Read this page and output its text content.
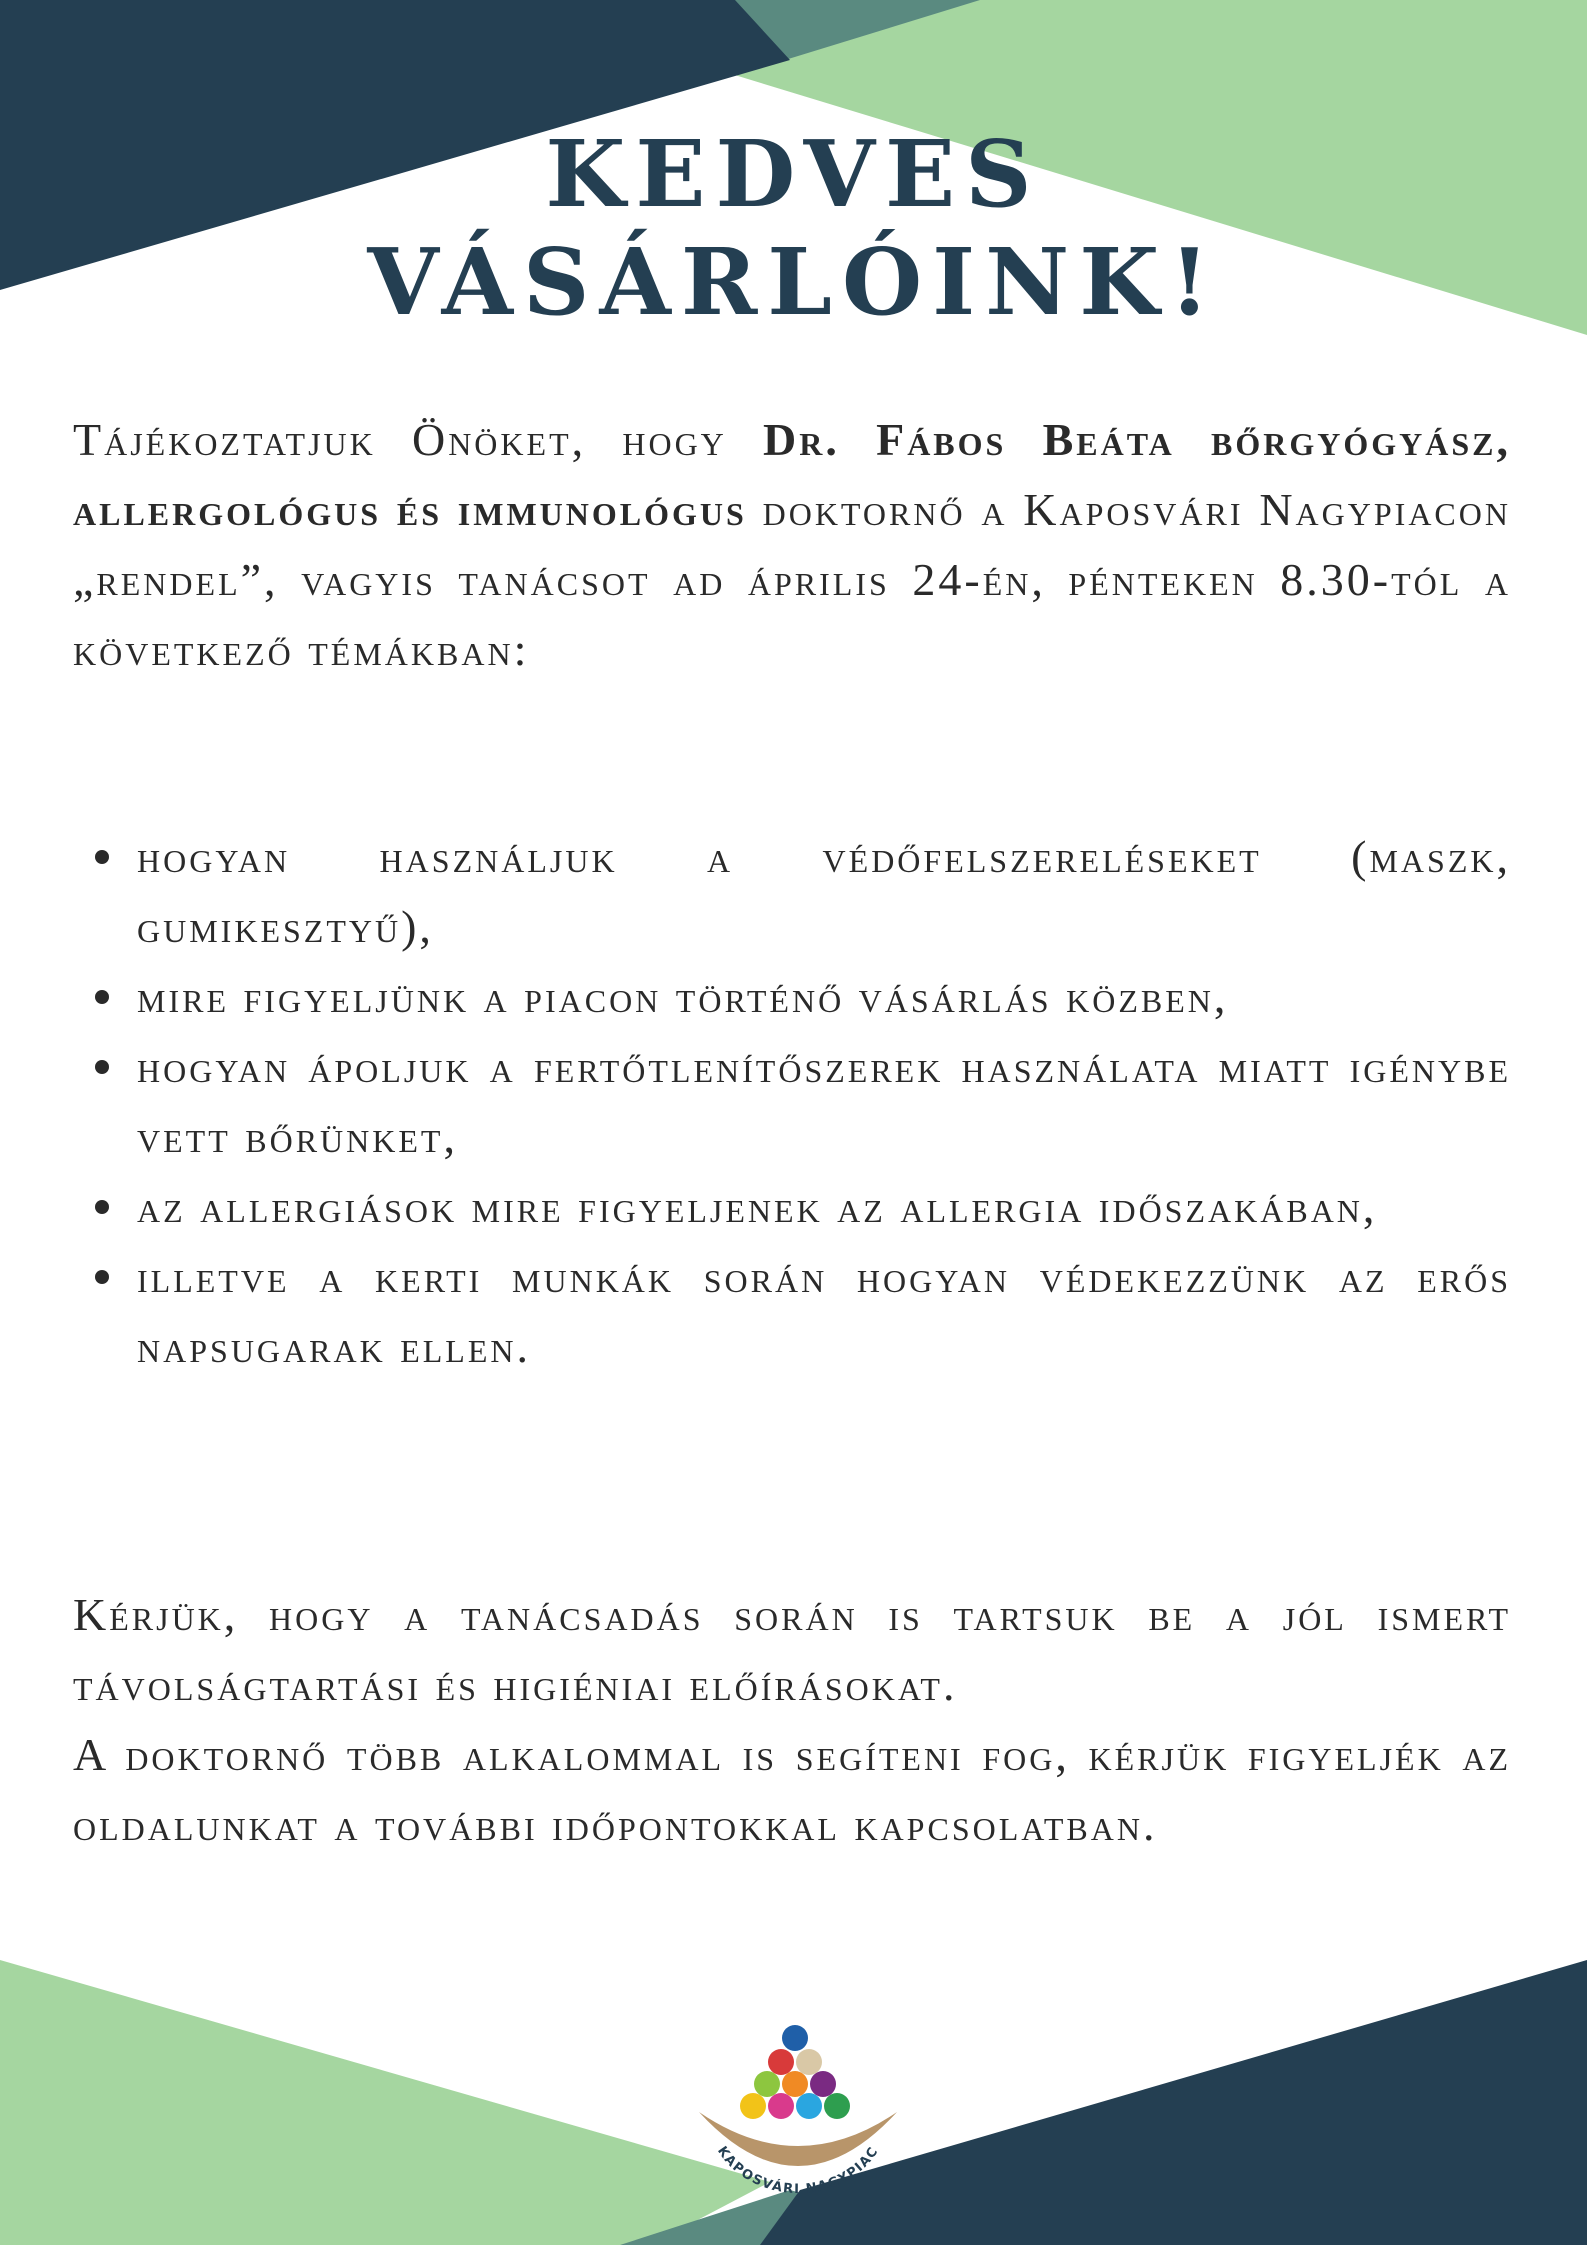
KEDVES
VÁSÁRLÓINK!
Tájékoztatjuk Önöket, hogy Dr. Fábos Beáta bőrgyógyász, allergológus és immunológus doktornő a Kaposvári Nagypiacon „rendel”, vagyis tanácsot ad április 24-én, pénteken 8.30-tól a következő témákban:
hogyan használjuk a védőfelszereléseket (maszk, gumikesztyű),
mire figyeljünk a piacon történő vásárlás közben,
hogyan ápoljuk a fertőtlenítőszerek használata miatt igénybe vett bőrünket,
az allergiások mire figyeljenek az allergia időszakában,
illetve a kerti munkák során hogyan védekezzünk az erős napsugarak ellen.
Kérjük, hogy a tanácsadás során is tartsuk be a jól ismert távolságtartási és higiéniai előírásokat.
A doktornő több alkalommal is segíteni fog, kérjük figyeljék az oldalunkat a további időpontokkal kapcsolatban.
KAPOSVÁRI NAGYPIAC
